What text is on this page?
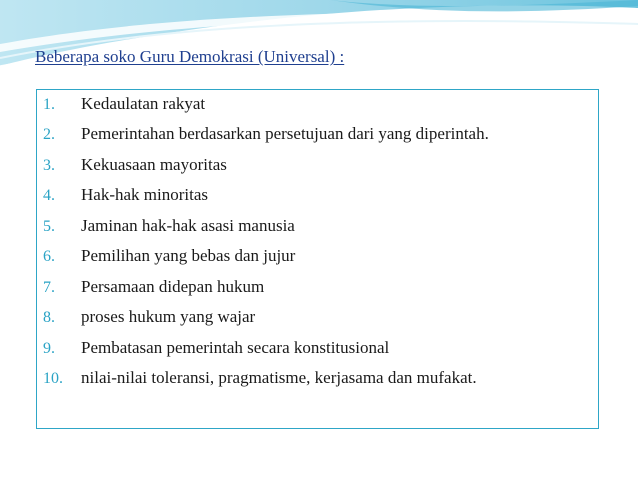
Beberapa soko Guru Demokrasi (Universal) :
1.	Kedaulatan rakyat
2.	Pemerintahan berdasarkan persetujuan dari yang diperintah.
3.	Kekuasaan mayoritas
4.	Hak-hak minoritas
5.	Jaminan hak-hak asasi manusia
6.	Pemilihan yang bebas dan jujur
7.	Persamaan didepan hukum
8.	proses hukum yang wajar
9.	Pembatasan pemerintah secara konstitusional
10.	nilai-nilai toleransi, pragmatisme, kerjasama dan mufakat.
